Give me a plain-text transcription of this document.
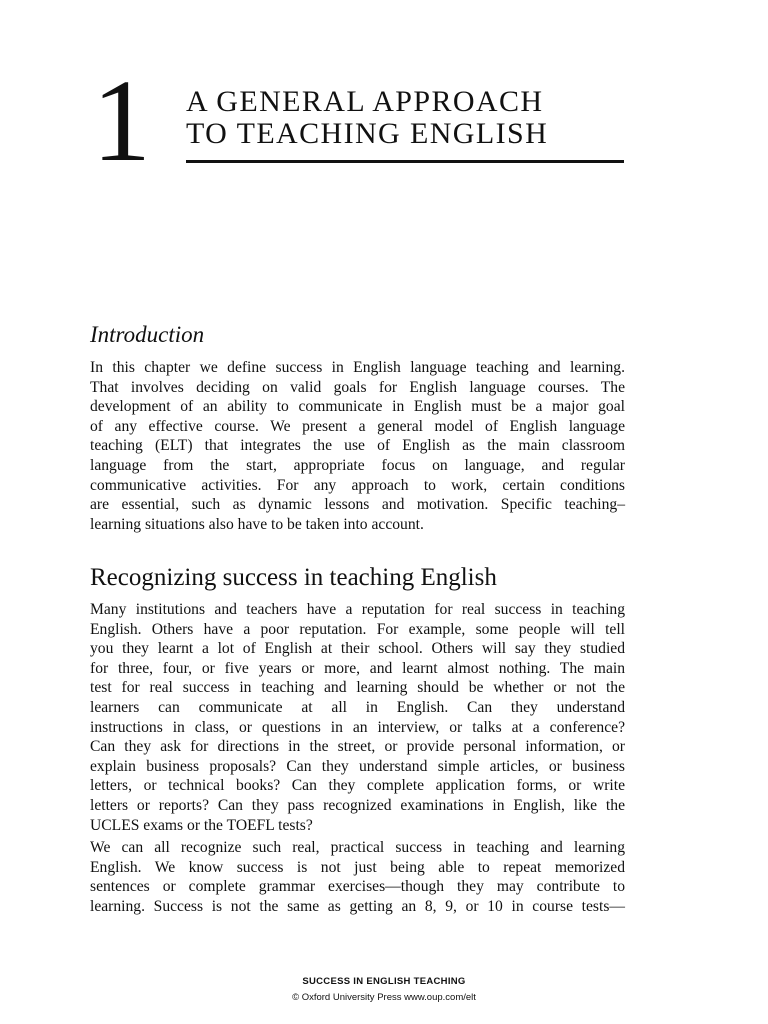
1 A GENERAL APPROACH
TO TEACHING ENGLISH
Introduction

In this chapter we define success in English language teaching and learning.
That involves deciding on valid goals for English language courses. The
development of an ability to communicate in English must be a major goal
of any effective course. We present a general model of English language
teaching (ELT) that integrates the use of English as the main classroom
language from the start, appropriate focus on language, and regular
communicative activities. For any approach to work, certain conditions
are essential, such as dynamic lessons and motivation. Specific teaching–
learning situations also have to be taken into account.

Recognizing success in teaching English

Many institutions and teachers have a reputation for real success in teaching
English. Others have a poor reputation. For example, some people will tell
you they learnt a lot of English at their school. Others will say they studied
for three, four, or five years or more, and learnt almost nothing. The main
test for real success in teaching and learning should be whether or not the
learners can communicate at all in English. Can they understand
instructions in class, or questions in an interview, or talks at a conference?
Can they ask for directions in the street, or provide personal information, or
explain business proposals? Can they understand simple articles, or business
letters, or technical books? Can they complete application forms, or write
letters or reports? Can they pass recognized examinations in English, like the
UCLES exams or the TOEFL tests?

We can all recognize such real, practical success in teaching and learning
English. We know success is not just being able to repeat memorized
sentences or complete grammar exercises—though they may contribute to
learning. Success is not the same as getting an 8, 9, or 10 in course tests—

SUCCESS IN ENGLISH TEACHING
© Oxford University Press www.oup.com/elt
